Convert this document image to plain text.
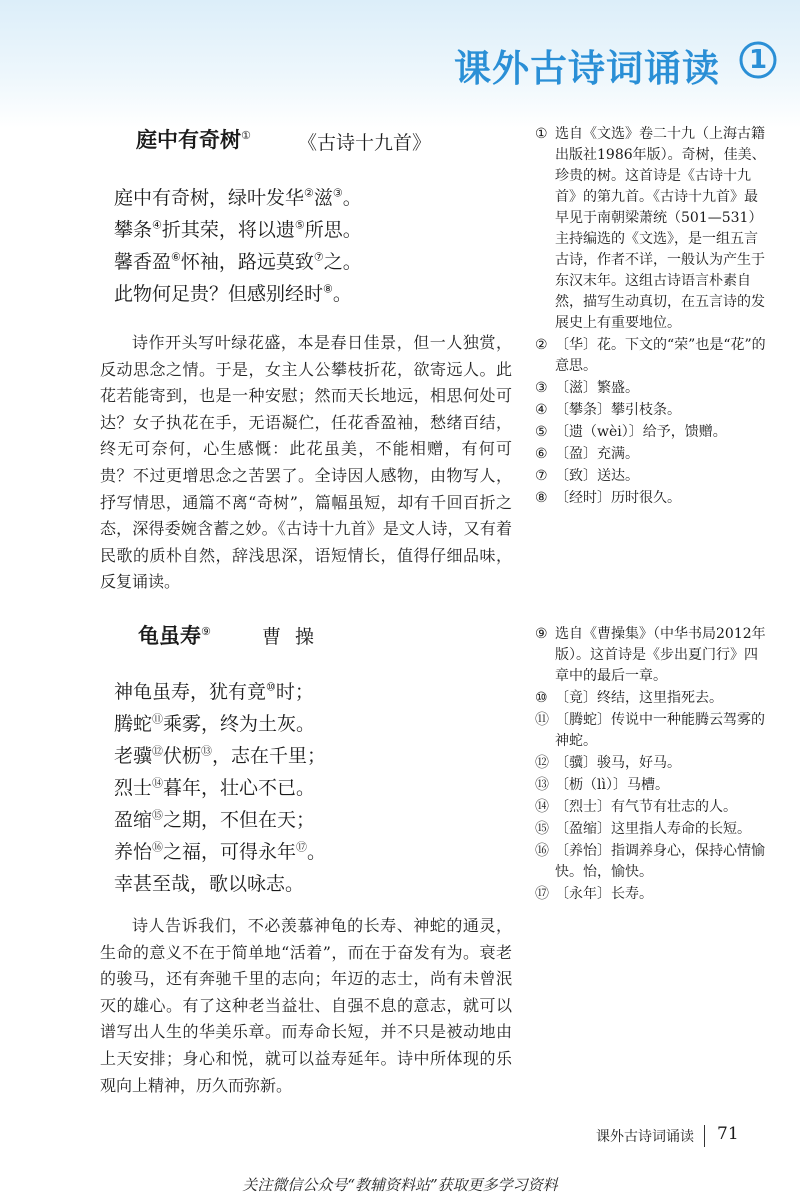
课外古诗词诵读	1
庭中有奇树① 《古诗十九首》
庭中有奇树，绿叶发华②滋③。
攀条④折其荣，将以遗⑤所思。
馨香盈⑥怀袖，路远莫致⑦之。
此物何足贵？但感别经时⑧。
诗作开头写叶绿花盛，本是春日佳景，但一人独赏，反动思念之情。于是，女主人公攀枝折花，欲寄远人。此花若能寄到，也是一种安慰；然而天长地远，相思何处可达？女子执花在手，无语凝伫，任花香盈袖，愁绪百结，终无可奈何，心生感慨：此花虽美，不能相赠，有何可贵？不过更增思念之苦罢了。全诗因人感物，由物写人，抒写情思，通篇不离“奇树”，篇幅虽短，却有千回百折之态，深得委婉含蓄之妙。《古诗十九首》是文人诗，又有着民歌的质朴自然，辞浅思深，语短情长，值得仔细品味，反复诵读。
龟虽寿⑨	曹操
神龟虽寿，犹有竟⑩时；
腾蛇⑪乘雾，终为土灰。
老骥⑫伏枥⑬，志在千里；
烈士⑭暮年，壮心不已。
盈缩⑮之期，不但在天；
养怡⑯之福，可得永年⑰。
幸甚至哉，歌以咏志。
诗人告诉我们，不必羡慕神龟的长寿、神蛇的通灵，生命的意义不在于简单地“活着”，而在于奋发有为。衰老的骏马，还有奔驰千里的志向；年迈的志士，尚有未曾泯灭的雄心。有了这种老当益壮、自强不息的意志，就可以谱写出人生的华美乐章。而寿命长短，并不只是被动地由上天安排；身心和悦，就可以益寿延年。诗中所体现的乐观向上精神，历久而弥新。
① 选自《文选》卷二十九（上海古籍出版社1986年版）。奇树，佳美、珍贵的树。这首诗是《古诗十九首》的第九首。《古诗十九首》最早见于南朝梁萧统（501—531）主持编选的《文选》，是一组五言古诗，作者不详，一般认为产生于东汉末年。这组古诗语言朴素自然，描写生动真切，在五言诗的发展史上有重要地位。
② 〔华〕花。下文的“荣”也是“花”的意思。
③ 〔滋〕繁盛。
④ 〔攀条〕攀引枝条。
⑤ 〔遗（wèi）〕给予，馈赠。
⑥ 〔盈〕充满。
⑦ 〔致〕送达。
⑧ 〔经时〕历时很久。
⑨ 选自《曹操集》（中华书局2012年版）。这首诗是《步出夏门行》四章中的最后一章。
⑩ 〔竟〕终结，这里指死去。
⑪ 〔腾蛇〕传说中一种能腾云驾雾的神蛇。
⑫ 〔骥〕骏马，好马。
⑬ 〔枥（lì）〕马槽。
⑭ 〔烈士〕有气节有壮志的人。
⑮ 〔盈缩〕这里指人寿命的长短。
⑯ 〔养怡〕指调养身心，保持心情愉快。怡，愉快。
⑰ 〔永年〕长寿。
课外古诗词诵读 71
关注微信公众号“教辅资料站”获取更多学习资料
